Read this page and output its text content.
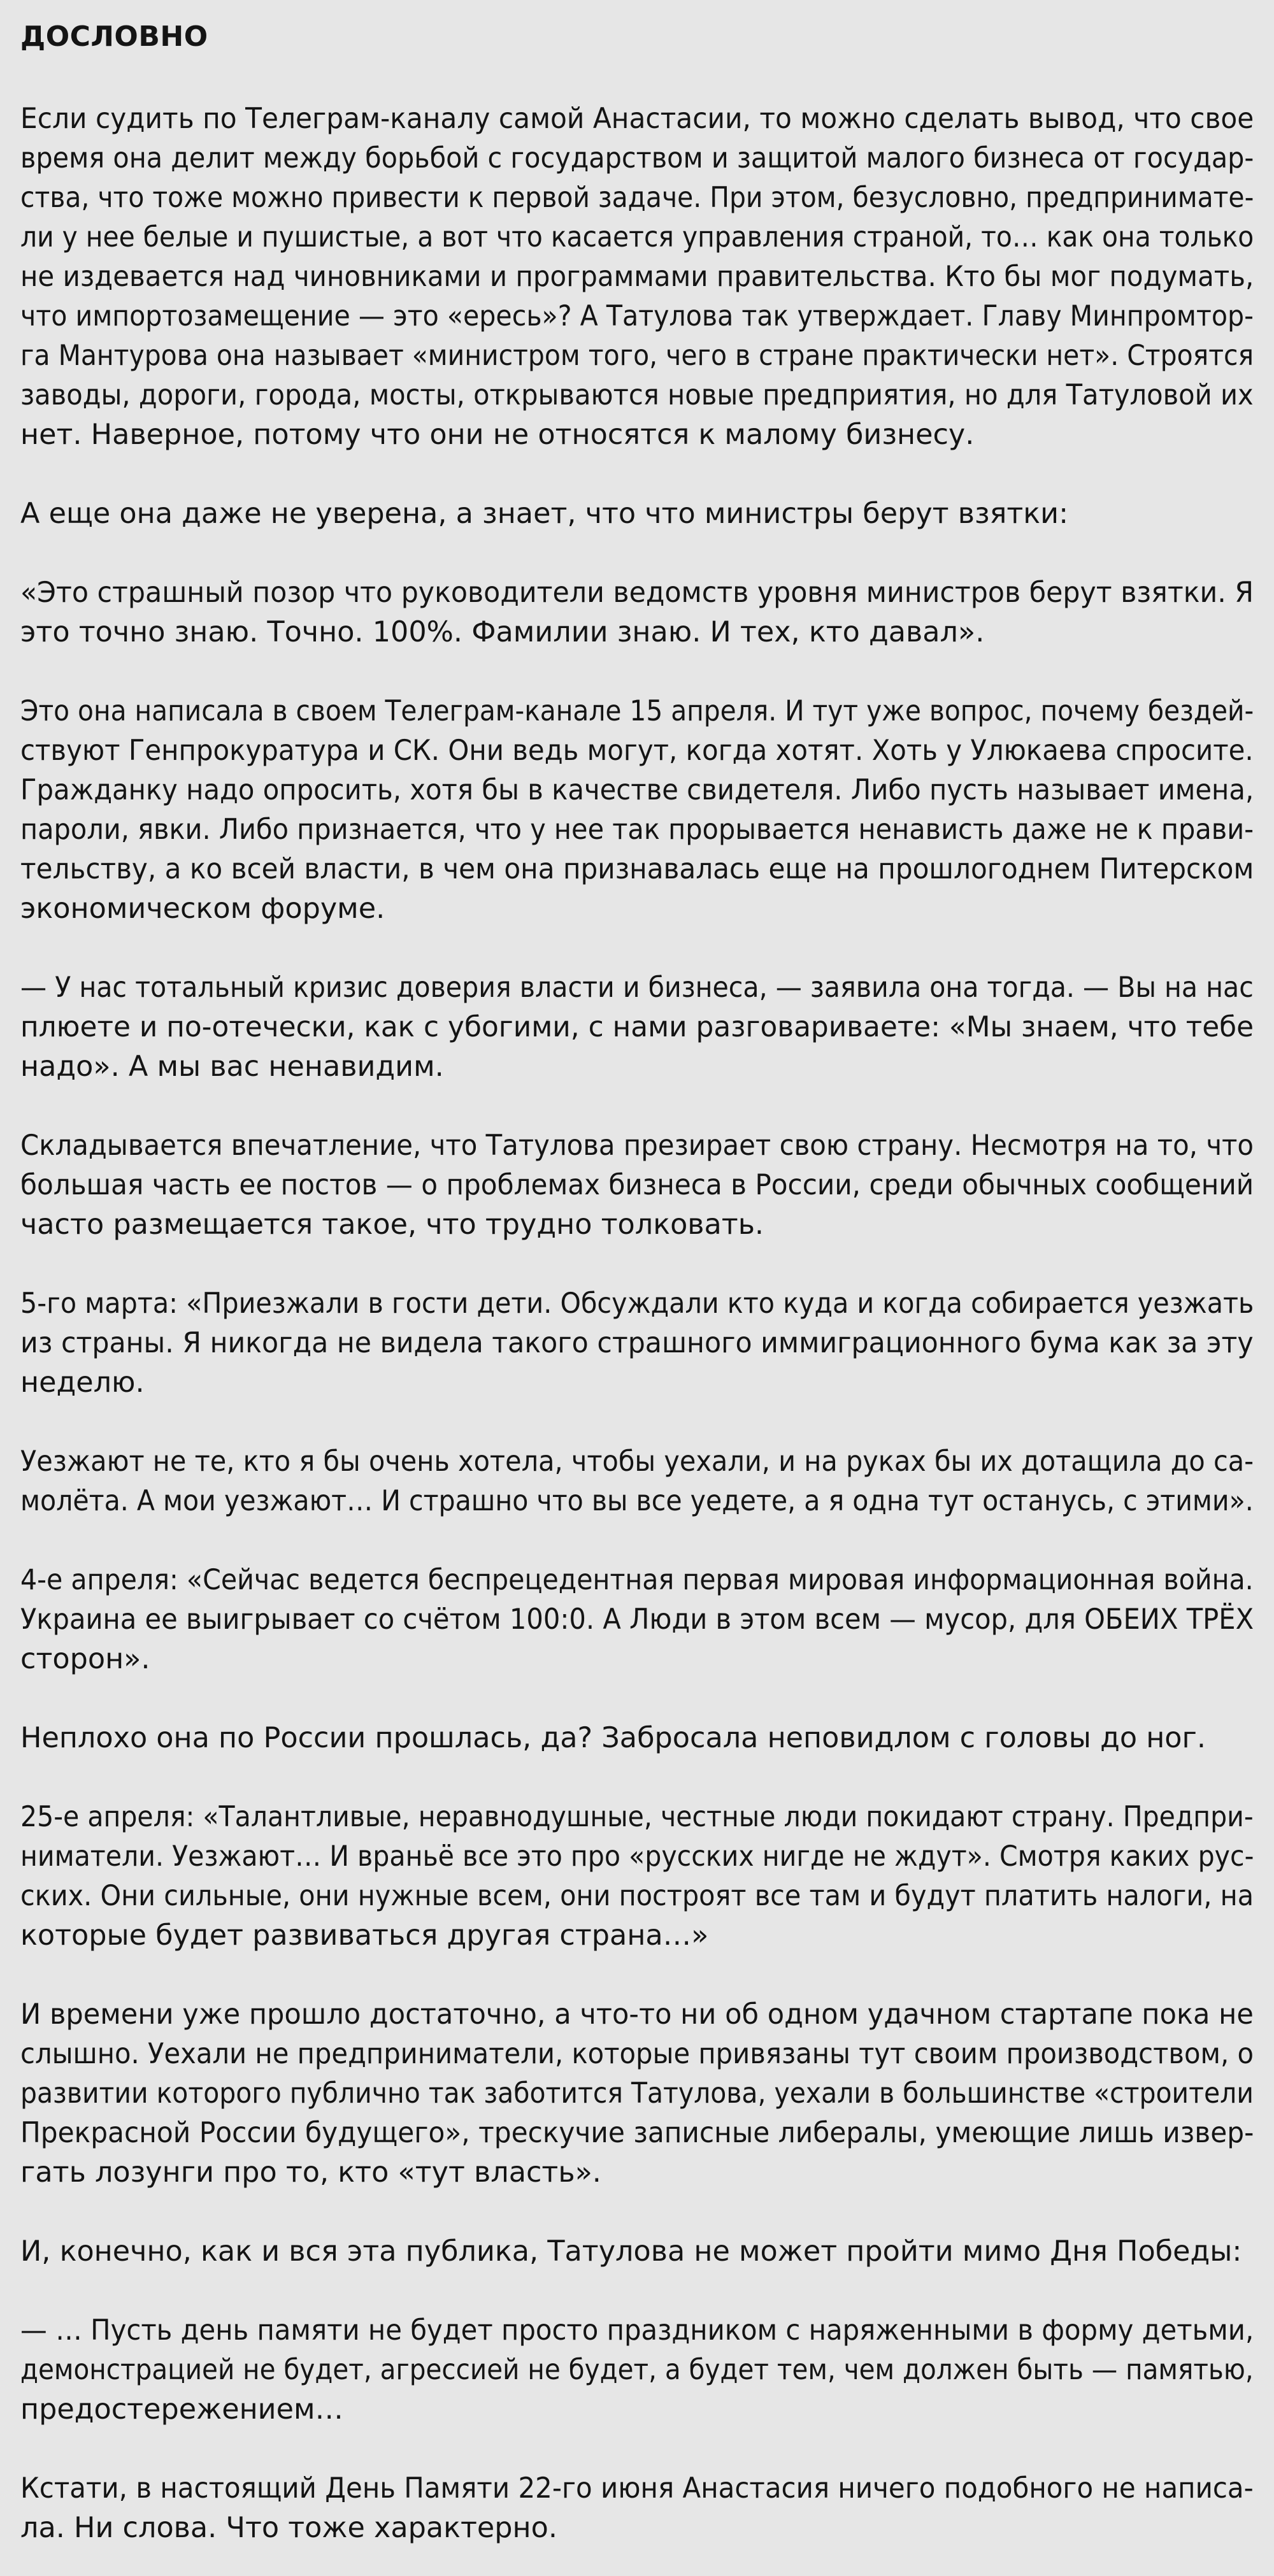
ДОСЛОВНО

Если судить по Телеграм-каналу самой Анастасии, то можно сделать вывод, что свое
время она делит между борьбой с государством и защитой малого бизнеса от государ-
ства, что тоже можно привести к первой задаче. При этом, безусловно, предпринимате-
ли у нее белые и пушистые, а вот что касается управления страной, то… как она только
не издевается над чиновниками и программами правительства. Кто бы мог подумать,
что импортозамещение — это «ересь»? А Татулова так утверждает. Главу Минпромтор-
га Мантурова она называет «министром того, чего в стране практически нет». Строятся
заводы, дороги, города, мосты, открываются новые предприятия, но для Татуловой их
нет. Наверное, потому что они не относятся к малому бизнесу.

А еще она даже не уверена, а знает, что что министры берут взятки:

«Это страшный позор что руководители ведомств уровня министров берут взятки. Я
это точно знаю. Точно. 100%. Фамилии знаю. И тех, кто давал».

Это она написала в своем Телеграм-канале 15 апреля. И тут уже вопрос, почему бездей-
ствуют Генпрокуратура и СК. Они ведь могут, когда хотят. Хоть у Улюкаева спросите.
Гражданку надо опросить, хотя бы в качестве свидетеля. Либо пусть называет имена,
пароли, явки. Либо признается, что у нее так прорывается ненависть даже не к прави-
тельству, а ко всей власти, в чем она признавалась еще на прошлогоднем Питерском
экономическом форуме.

— У нас тотальный кризис доверия власти и бизнеса, — заявила она тогда. — Вы на нас
плюете и по-отечески, как с убогими, с нами разговариваете: «Мы знаем, что тебе
надо». А мы вас ненавидим.

Складывается впечатление, что Татулова презирает свою страну. Несмотря на то, что
большая часть ее постов — о проблемах бизнеса в России, среди обычных сообщений
часто размещается такое, что трудно толковать.

5-го марта: «Приезжали в гости дети. Обсуждали кто куда и когда собирается уезжать
из страны. Я никогда не видела такого страшного иммиграционного бума как за эту
неделю.

Уезжают не те, кто я бы очень хотела, чтобы уехали, и на руках бы их дотащила до са-
молёта. А мои уезжают… И страшно что вы все уедете, а я одна тут останусь, с этими».

4-е апреля: «Сейчас ведется беспрецедентная первая мировая информационная война.
Украина ее выигрывает со счётом 100:0. А Люди в этом всем — мусор, для ОБЕИХ ТРЁХ
сторон».

Неплохо она по России прошлась, да? Забросала неповидлом с головы до ног.

25-е апреля: «Талантливые, неравнодушные, честные люди покидают страну. Предпри-
ниматели. Уезжают… И враньё все это про «русских нигде не ждут». Смотря каких рус-
ских. Они сильные, они нужные всем, они построят все там и будут платить налоги, на
которые будет развиваться другая страна…»

И времени уже прошло достаточно, а что-то ни об одном удачном стартапе пока не
слышно. Уехали не предприниматели, которые привязаны тут своим производством, о
развитии которого публично так заботится Татулова, уехали в большинстве «строители
Прекрасной России будущего», трескучие записные либералы, умеющие лишь извер-
гать лозунги про то, кто «тут власть».

И, конечно, как и вся эта публика, Татулова не может пройти мимо Дня Победы:

— … Пусть день памяти не будет просто праздником с наряженными в форму детьми,
демонстрацией не будет, агрессией не будет, а будет тем, чем должен быть — памятью,
предостережением…

Кстати, в настоящий День Памяти 22-го июня Анастасия ничего подобного не написа-
ла. Ни слова. Что тоже характерно.
